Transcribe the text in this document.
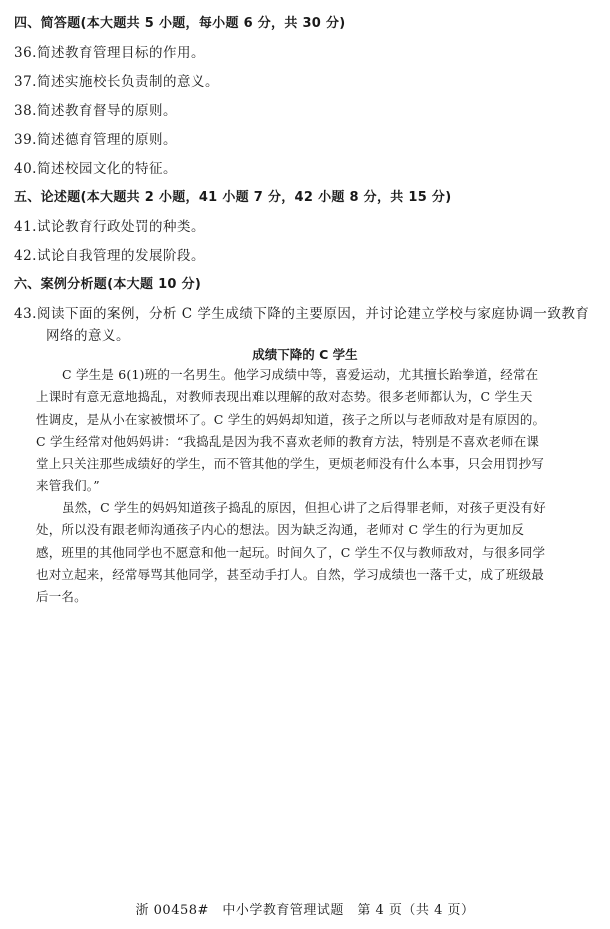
四、简答题(本大题共 5 小题，每小题 6 分，共 30 分)
36.简述教育管理目标的作用。
37.简述实施校长负责制的意义。
38.简述教育督导的原则。
39.简述德育管理的原则。
40.简述校园文化的特征。
五、论述题(本大题共 2 小题，41 小题 7 分，42 小题 8 分，共 15 分)
41.试论教育行政处罚的种类。
42.试论自我管理的发展阶段。
六、案例分析题(本大题 10 分)
43.阅读下面的案例，分析 C 学生成绩下降的主要原因，并讨论建立学校与家庭协调一致教育
网络的意义。
成绩下降的 C 学生
C 学生是 6(1)班的一名男生。他学习成绩中等，喜爱运动，尤其擅长跆拳道，经常在
上课时有意无意地捣乱，对教师表现出难以理解的敌对态势。很多老师都认为，C 学生天
性调皮，是从小在家被惯坏了。C 学生的妈妈却知道，孩子之所以与老师敌对是有原因的。
C 学生经常对他妈妈讲：“我捣乱是因为我不喜欢老师的教育方法，特别是不喜欢老师在课
堂上只关注那些成绩好的学生，而不管其他的学生，更烦老师没有什么本事，只会用罚抄写
来管我们。”
虽然，C 学生的妈妈知道孩子捣乱的原因，但担心讲了之后得罪老师，对孩子更没有好
处，所以没有跟老师沟通孩子内心的想法。因为缺乏沟通，老师对 C 学生的行为更加反
感，班里的其他同学也不愿意和他一起玩。时间久了，C 学生不仅与教师敌对，与很多同学
也对立起来，经常辱骂其他同学，甚至动手打人。自然，学习成绩也一落千丈，成了班级最
后一名。
浙 00458#　中小学教育管理试题　第 4 页（共 4 页）
